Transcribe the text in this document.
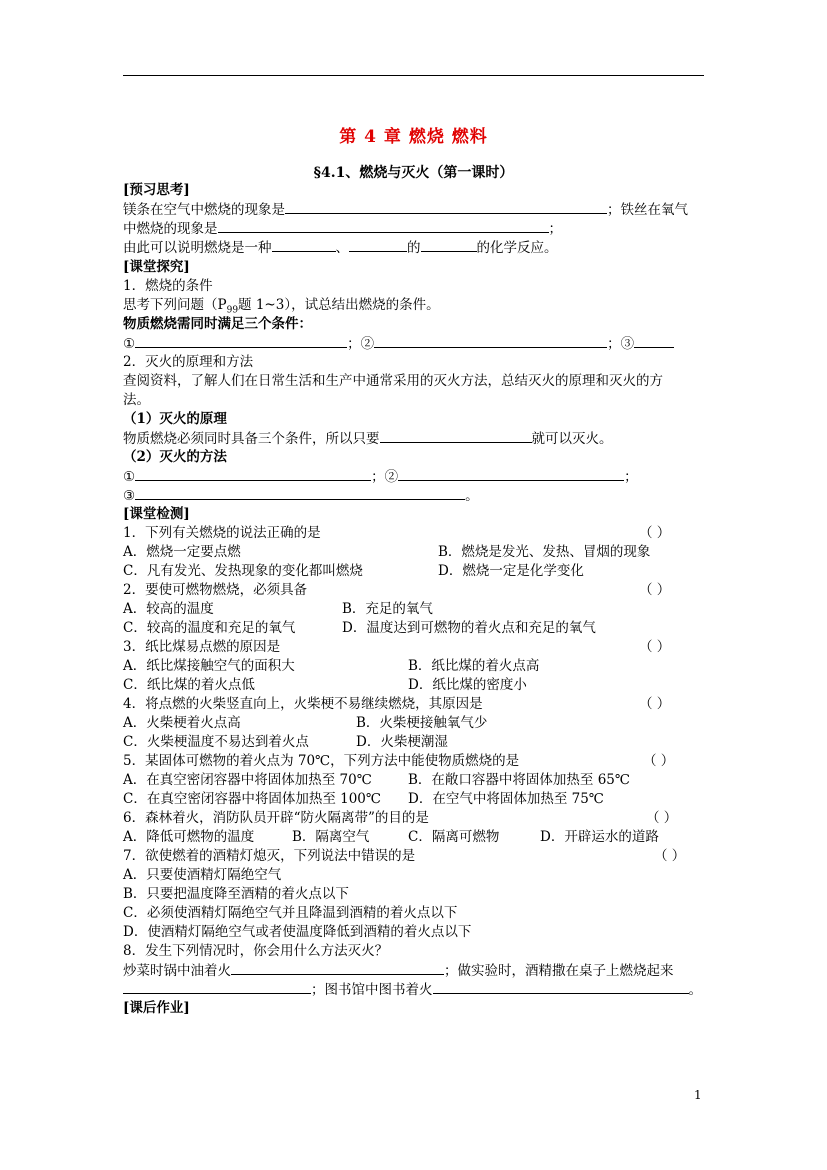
第 4 章 燃烧 燃料
§4.1、燃烧与灭火（第一课时）
[预习思考]
镁条在空气中燃烧的现象是	；铁丝在氧气
中燃烧的现象是	；
由此可以说明燃烧是一种	、	的	的化学反应。
[课堂探究]
1．燃烧的条件
思考下列问题（$P_{99}$题 1~3），试总结出燃烧的条件。
物质燃烧需同时满足三个条件：
①	；②	；③
2．灭火的原理和方法
查阅资料，了解人们在日常生活和生产中通常采用的灭火方法，总结灭火的原理和灭火的方
法。
（1）灭火的原理
物质燃烧必须同时具备三个条件，所以只要	就可以灭火。
（2）灭火的方法
①	；②	；
③	。
[课堂检测]
1．下列有关燃烧的说法正确的是	（ ）
A．燃烧一定要点燃	B．燃烧是发光、发热、冒烟的现象
C．凡有发光、发热现象的变化都叫燃烧	D．燃烧一定是化学变化
2．要使可燃物燃烧，必须具备	（ ）
A．较高的温度	B．充足的氧气
C．较高的温度和充足的氧气	D．温度达到可燃物的着火点和充足的氧气
3．纸比煤易点燃的原因是	（ ）
A．纸比煤接触空气的面积大	B．纸比煤的着火点高
C．纸比煤的着火点低	D．纸比煤的密度小
4．将点燃的火柴竖直向上，火柴梗不易继续燃烧，其原因是	（ ）
A．火柴梗着火点高	B．火柴梗接触氧气少
C．火柴梗温度不易达到着火点	D．火柴梗潮湿
5．某固体可燃物的着火点为 70℃，下列方法中能使物质燃烧的是	（ ）
A．在真空密闭容器中将固体加热至 70℃	B．在敞口容器中将固体加热至 65℃
C．在真空密闭容器中将固体加热至 100℃ D．在空气中将固体加热至 75℃
6．森林着火，消防队员开辟“防火隔离带”的目的是	（ ）
A．降低可燃物的温度	B．隔离空气	C．隔离可燃物	D．开辟运水的道路
7．欲使燃着的酒精灯熄灭，下列说法中错误的是	（ ）
A．只要使酒精灯隔绝空气
B．只要把温度降至酒精的着火点以下
C．必须使酒精灯隔绝空气并且降温到酒精的着火点以下
D．使酒精灯隔绝空气或者使温度降低到酒精的着火点以下
8．发生下列情况时，你会用什么方法灭火？
炒菜时锅中油着火	；做实验时，酒精撒在桌子上燃烧起来
；图书馆中图书着火	。
[课后作业]
1
